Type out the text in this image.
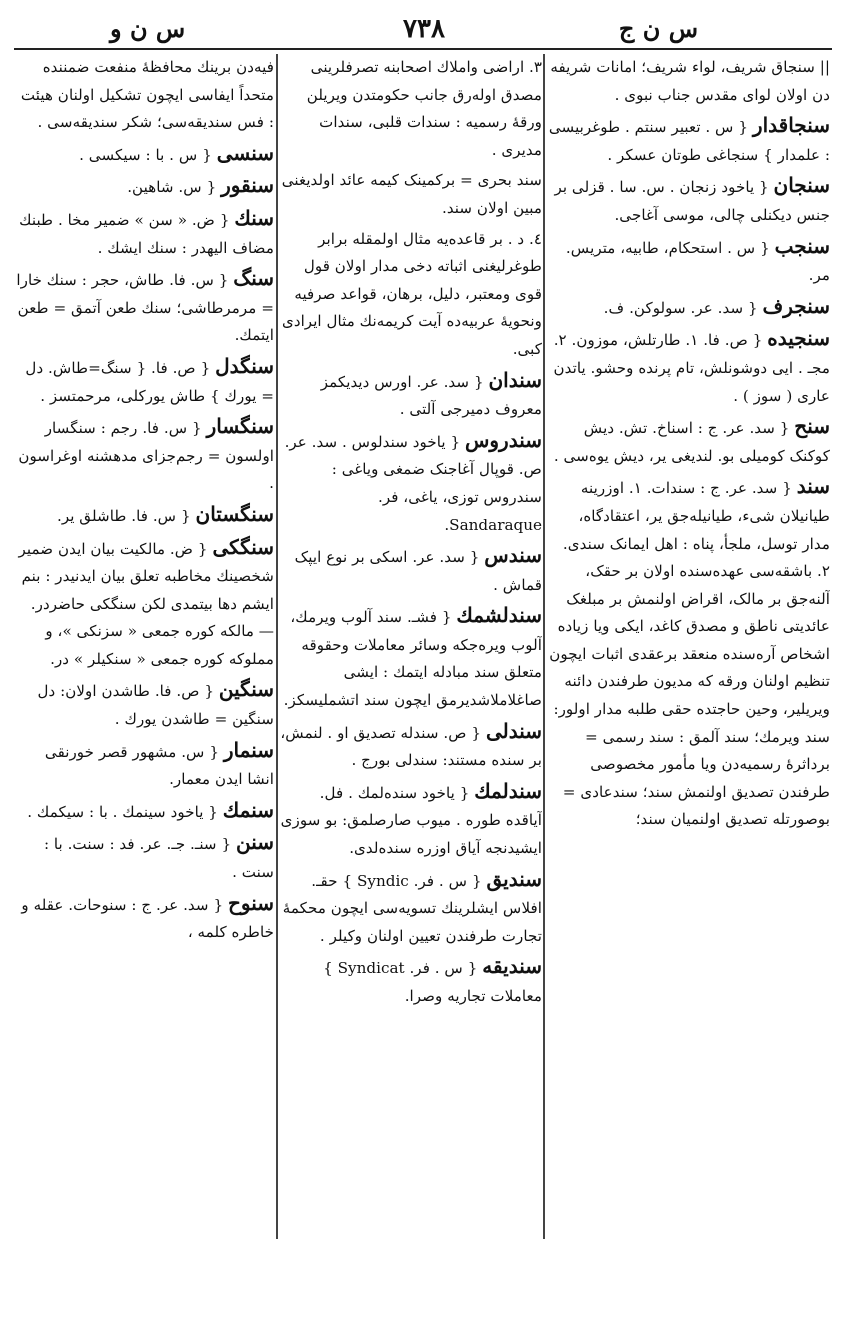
س ن ج
٧٣٨
س ن و
|| سنجاق شریف، لواء شریف؛ امانات شریفه دن اولان لوای مقدس جناب نبوی .
سنجاقدار { س . تعبیر سنتم . طوغربیسی : علمدار } سنجاغی طوتان عسکر .
سنجان { یاخود زنجان . س. سا . قزلی بر جنس دیکنلی چالی، موسی آغاجی.
سنجب { س . استحکام، طابیه، متریس. مر.
سنجرف { سد. عر. سولوکن. ف.
سنجیده { ص. فا. ١. طارتلش، موزون. ٢. مجـ . ایی دوشونلش، تام پرنده وحشو. یاتدن عاری ( سوز ) .
سنح { سد. عر. ج : اسناخ. تش. دیش کوکنک کومیلی بو. لندیغی یر، دیش یوه‌سی .
سند { سد. عر. ج : سندات. ١. اوزرینه طیانیلان شیء، طیانیله‌جق یر، اعتقادگاه، مدار توسل، ملجأ، پناه : اهل ایمانک سندی. ٢. باشقه‌سی عهده‌سنده اولان بر حقک، آلنه‌جق بر مالک، اقراض اولنمش بر مبلغک عائدیتی ناطق و مصدق کاغد، ایکی ویا زیاده اشخاص آره‌سنده منعقد برعقدی اثبات ایچون تنظیم اولنان ورقه که مدیون طرفندن دائنه ویریلیر، وحین حاجتده حقی طلبه مدار اولور: سند ویرمك؛ سند آلمق : سند رسمی = برداثرهٔ رسمیه‌دن ویا مأمور مخصوصی طرفندن تصدیق اولنمش سند؛ سندعادی = بوصورتله تصدیق اولنمیان سند؛
٣. اراضی واملاك اصحابنه تصرفلرینی مصدق اوله‌رق جانب حکومتدن ویریلن ورقهٔ رسمیه : سندات قلبی، سندات مدیری .
سند بحری = برکمینک کیمه عائد اولدیغنی مبین اولان سند.
٤. د . بر قاعده‌یه مثال اولمقله برابر طوغرلیغنی اثباته دخی مدار اولان قول قوی ومعتبر، دلیل، برهان، قواعد صرفیه ونحویهٔ عربیه‌ده آیت کریمه‌نك مثال ایرادی کبی.
سندان { سد. عر. اورس دیدیکمز معروف دمیرجی آلتی .
سندروس { یاخود سندلوس . سد. عر. ص. قوپال آغاجنک ضمغی ویاغی : سندروس توزی، یاغی، فر. Sandaraque.
سندس { سد. عر. اسکی بر نوع ایپک قماش .
سندلشمك { فشـ. سند آلوب ویرمك، آلوب ویره‌جکه وسائر معاملات وحقوقه متعلق سند مبادله ایتمك : ایشی صاغلاملاشدیرمق ایچون سند اتشملیسکز.
سندلی { ص. سندله تصدیق او . لنمش، بر سنده مستند: سندلی بورج .
سندلمك { یاخود سنده‌لمك . فل. آیاقده طوره . میوب صارصلمق: بو سوزی ایشیدنجه آیاق اوزره سنده‌لدی.
سندیق { س . فر. Syndic } حقـ. افلاس ایشلرینك تسویه‌سی ایچون محکمهٔ تجارت طرفندن تعیین اولنان وکیلر .
سندیقه { س . فر. Syndicat } معاملات تجاریه وصرا.
فیه‌دن برینك محافظهٔ منفعت ضمننده متحداً ایفاسی ایچون تشکیل اولنان هیئت : فس سندیقه‌سی؛ شکر سندیقه‌سی .
سنسی { س . با : سیکسی .
سنقور { س. شاهین.
سنك { ض. « سن » ضمیر مخا . طبنك مضاف الیهدر : سنك ایشك .
سنگ { س. فا. طاش، حجر : سنك خارا = مرمرطاشی؛ سنك طعن آتمق = طعن ایتمك.
سنگدل { ص. فا. { سنگ=طاش. دل = یورك } طاش یورکلی، مرحمتسز .
سنگسار { س. فا. رجم : سنگسار اولسون = رجم‌جزای مدهشنه اوغراسون .
سنگستان { س. فا. طاشلق یر.
سنگکی { ض. مالکیت بیان ایدن ضمیر شخصینك مخاطبه تعلق بیان ایدنیدر : بنم ایشم دها بیتمدی لکن سنگکی حاضردر. — مالکه کوره جمعی « سزنکی »، و مملوکه کوره جمعی « سنکیلر » در.
سنگین { ص. فا. طاشدن اولان: دل سنگین = طاشدن یورك .
سنمار { س. مشهور قصر خورنقی انشا ایدن معمار.
سنمك { یاخود سینمك . با : سیکمك .
سنن { سنـ. جـ. عر. فد : سنت. با : سنت .
سنوح { سد. عر. ج : سنوحات. عقله و خاطره کلمه ،
